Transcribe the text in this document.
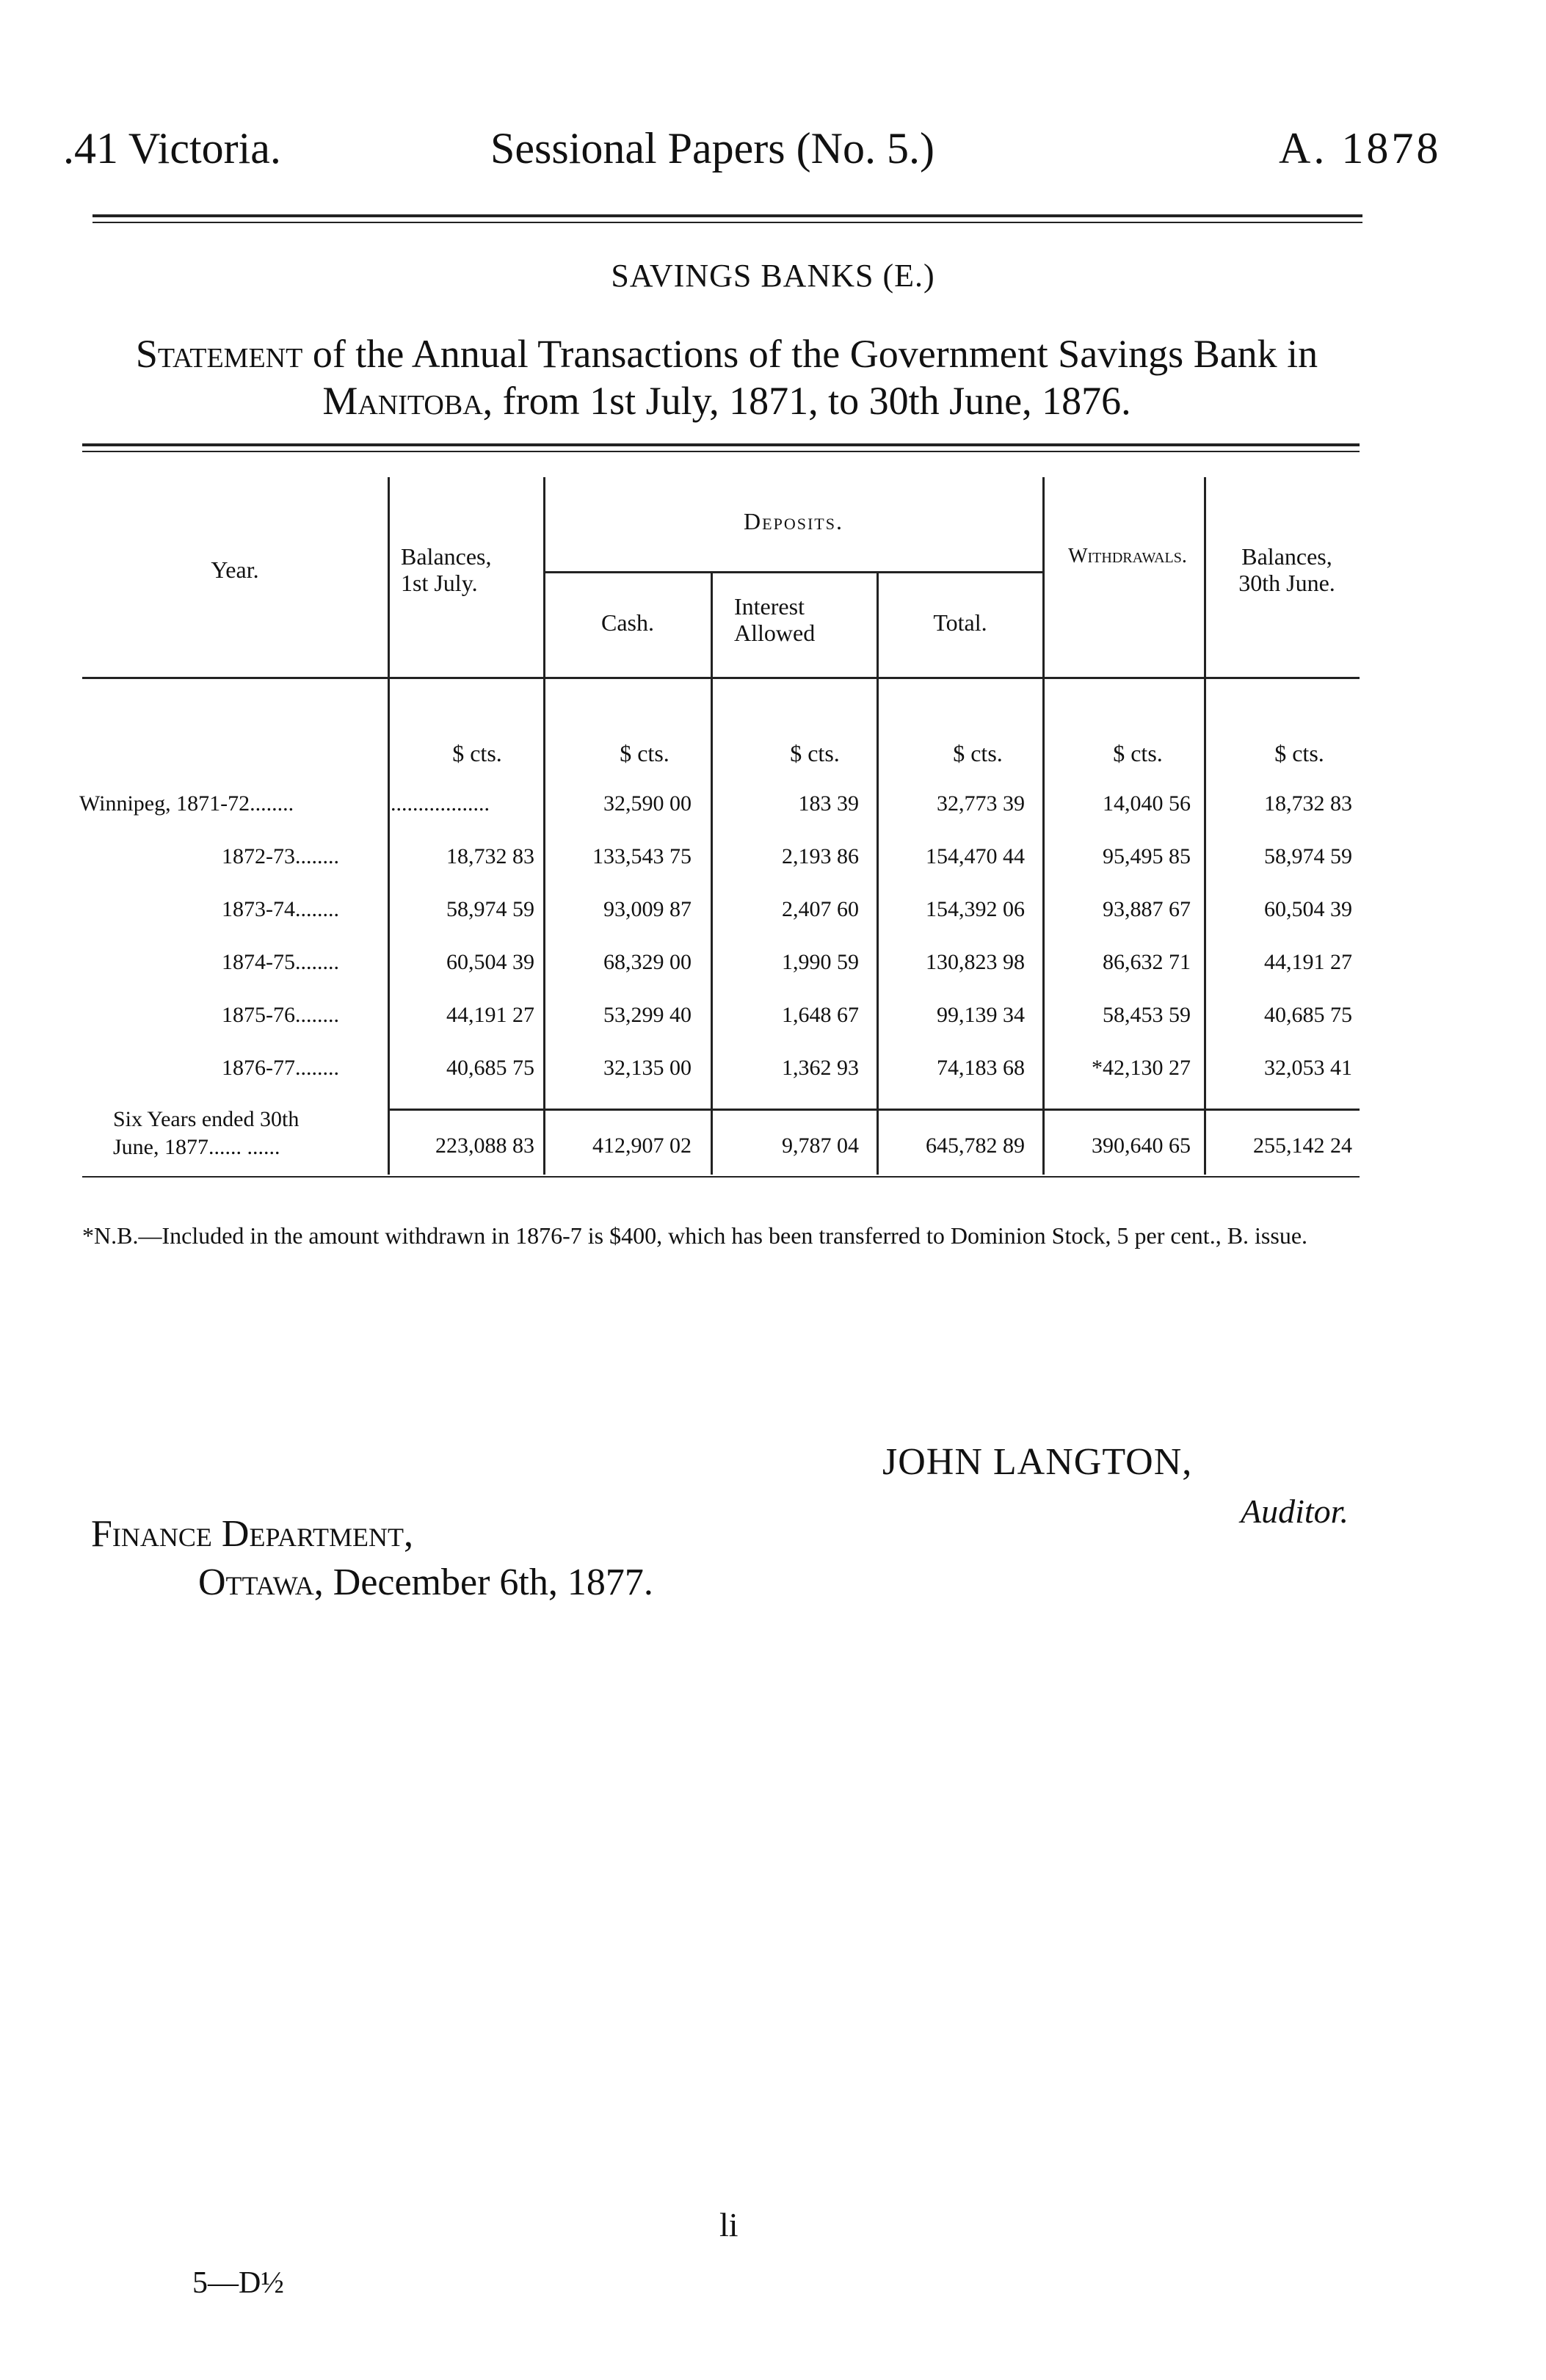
.41 Victoria.	Sessional Papers (No. 5.)	A. 1878
SAVINGS BANKS (E.)
Statement of the Annual Transactions of the Government Savings Bank in Manitoba, from 1st July, 1871, to 30th June, 1876.
Year.	Balances, 1st July.
Deposits.
Cash.
Interest Allowed	Total.
Withdrawals.	Balances, 30th June.
$ cts.	$ cts.	$ cts.	$ cts.	$ cts.	$ cts.
Winnipeg, 1871-72........	..................	32,590 00	183 39	32,773 39	14,040 56	18,732 83
1872-73........	18,732 83	133,543 75	2,193 86	154,470 44	95,495 85	58,974 59
1873-74........	58,974 59	93,009 87	2,407 60	154,392 06	93,887 67	60,504 39
1874-75........	60,504 39	68,329 00	1,990 59	130,823 98	86,632 71	44,191 27
1875-76........	44,191 27	53,299 40	1,648 67	99,139 34	58,453 59	40,685 75
1876-77........	40,685 75	32,135 00	1,362 93	74,183 68	*42,130 27	32,053 41
Six Years ended 30th
June, 1877...... ......	223,088 83	412,907 02	9,787 04	645,782 89	390,640 65	255,142 24
*N.B.—Included in the amount withdrawn in 1876-7 is $400, which has been transferred to Dominion Stock, 5 per cent., B. issue.
JOHN LANGTON,
Auditor.
Finance Department,
Ottawa, December 6th, 1877.
li
5—D½
